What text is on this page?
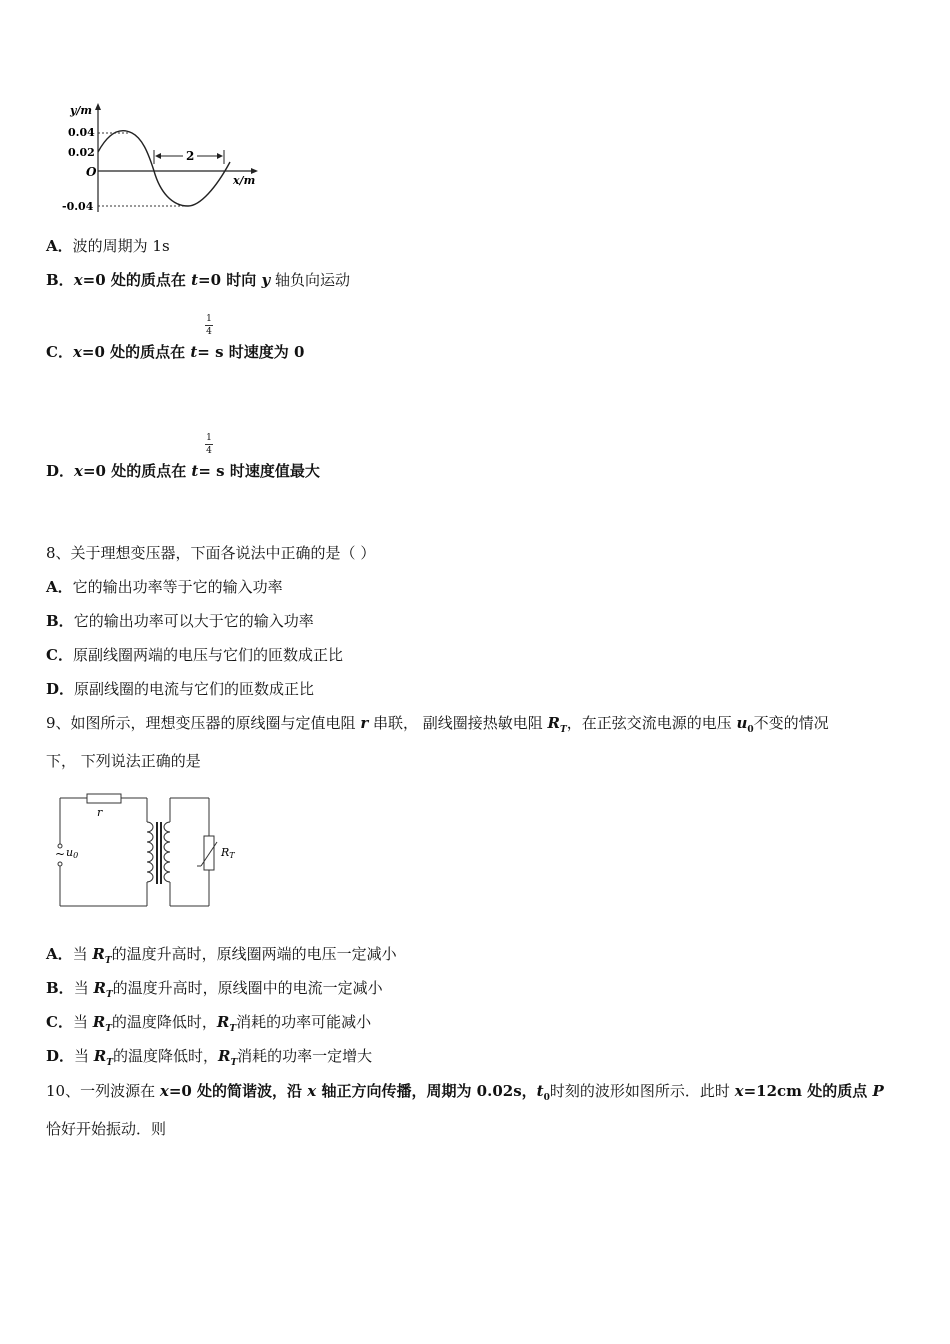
y/m
x/m
O
0.04
0.02
-0.04
2
A．波的周期为 1s
B．x=0 处的质点在 t=0 时向 y 轴负向运动
1
4
C．x=0 处的质点在 t= s 时速度为 0
1
4
D．x=0 处的质点在 t= s 时速度值最大
8、关于理想变压器，下面各说法中正确的是（ ）
A．它的输出功率等于它的输入功率
B．它的输出功率可以大于它的输入功率
C．原副线圈两端的电压与它们的匝数成正比
D．原副线圈的电流与它们的匝数成正比
9、如图所示，理想变压器的原线圈与定值电阻 r 串联， 副线圈接热敏电阻 $R_T$，在正弦交流电源的电压 $u_0$不变的情况
下， 下列说法正确的是
r
~ u0	RT
A．当 $R_T$的温度升高时，原线圈两端的电压一定减小
B．当 $R_T$的温度升高时，原线圈中的电流一定减小
C．当 $R_T$的温度降低时，$R_T$消耗的功率可能减小
D．当 $R_T$的温度降低时，$R_T$消耗的功率一定增大
10、一列波源在 x=0 处的简谐波，沿 x 轴正方向传播，周期为 0.02s，$t_0$时刻的波形如图所示．此时 x=12cm 处的质点 P
恰好开始振动．则
